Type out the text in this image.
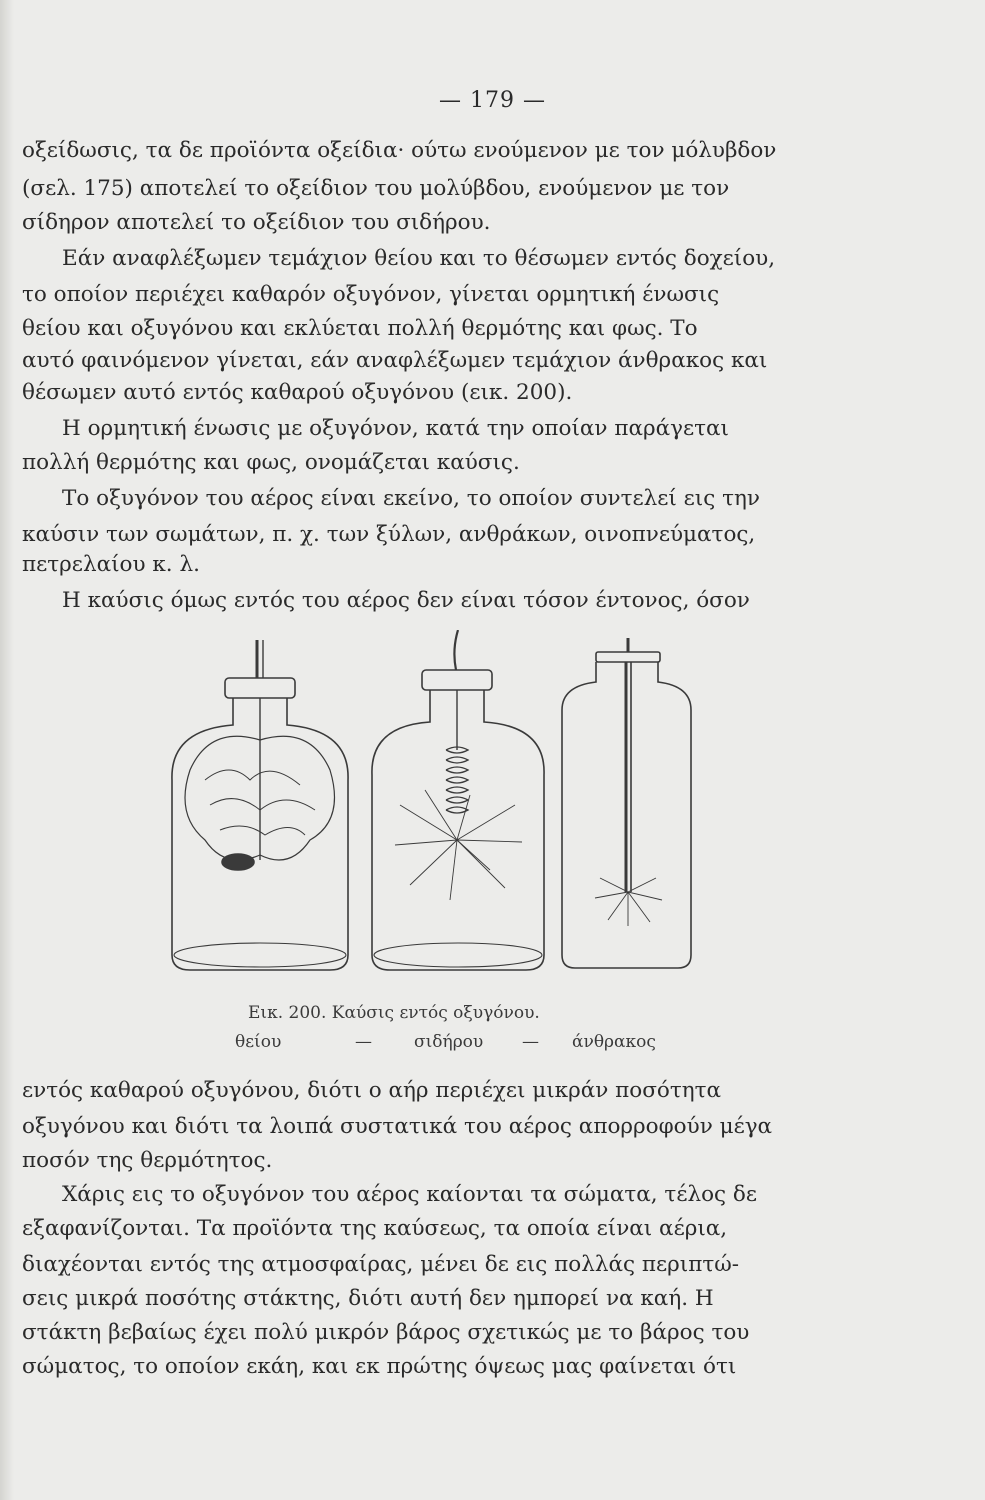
— 179 —
οξείδωσις, τα δε προϊόντα οξείδια· ούτω ενούμενον με τον μόλυβδον
(σελ. 175) αποτελεί το οξείδιον του μολύβδου, ενούμενον με τον
σίδηρον αποτελεί το οξείδιον του σιδήρου.
Εάν αναφλέξωμεν τεμάχιον θείου και το θέσωμεν εντός δοχείου,
το οποίον περιέχει καθαρόν οξυγόνον, γίνεται ορμητική ένωσις
θείου και οξυγόνου και εκλύεται πολλή θερμότης και φως. Το
αυτό φαινόμενον γίνεται, εάν αναφλέξωμεν τεμάχιον άνθρακος και
θέσωμεν αυτό εντός καθαρού οξυγόνου (εικ. 200).
Η ορμητική ένωσις με οξυγόνον, κατά την οποίαν παράγεται
πολλή θερμότης και φως, ονομάζεται καύσις.
Το οξυγόνον του αέρος είναι εκείνο, το οποίον συντελεί εις την
καύσιν των σωμάτων, π. χ. των ξύλων, ανθράκων, οινοπνεύματος,
πετρελαίου κ. λ.
Η καύσις όμως εντός του αέρος δεν είναι τόσον έντονος, όσον
Εικ. 200. Καύσις εντός οξυγόνου.
θείου	— σιδήρου — άνθρακος
εντός καθαρού οξυγόνου, διότι ο αήρ περιέχει μικράν ποσότητα
οξυγόνου και διότι τα λοιπά συστατικά του αέρος απορροφούν μέγα
ποσόν της θερμότητος.
Χάρις εις το οξυγόνον του αέρος καίονται τα σώματα, τέλος δε
εξαφανίζονται. Τα προϊόντα της καύσεως, τα οποία είναι αέρια,
διαχέονται εντός της ατμοσφαίρας, μένει δε εις πολλάς περιπτώ-
σεις μικρά ποσότης στάκτης, διότι αυτή δεν ημπορεί να καή. Η
στάκτη βεβαίως έχει πολύ μικρόν βάρος σχετικώς με το βάρος του
σώματος, το οποίον εκάη, και εκ πρώτης όψεως μας φαίνεται ότι
